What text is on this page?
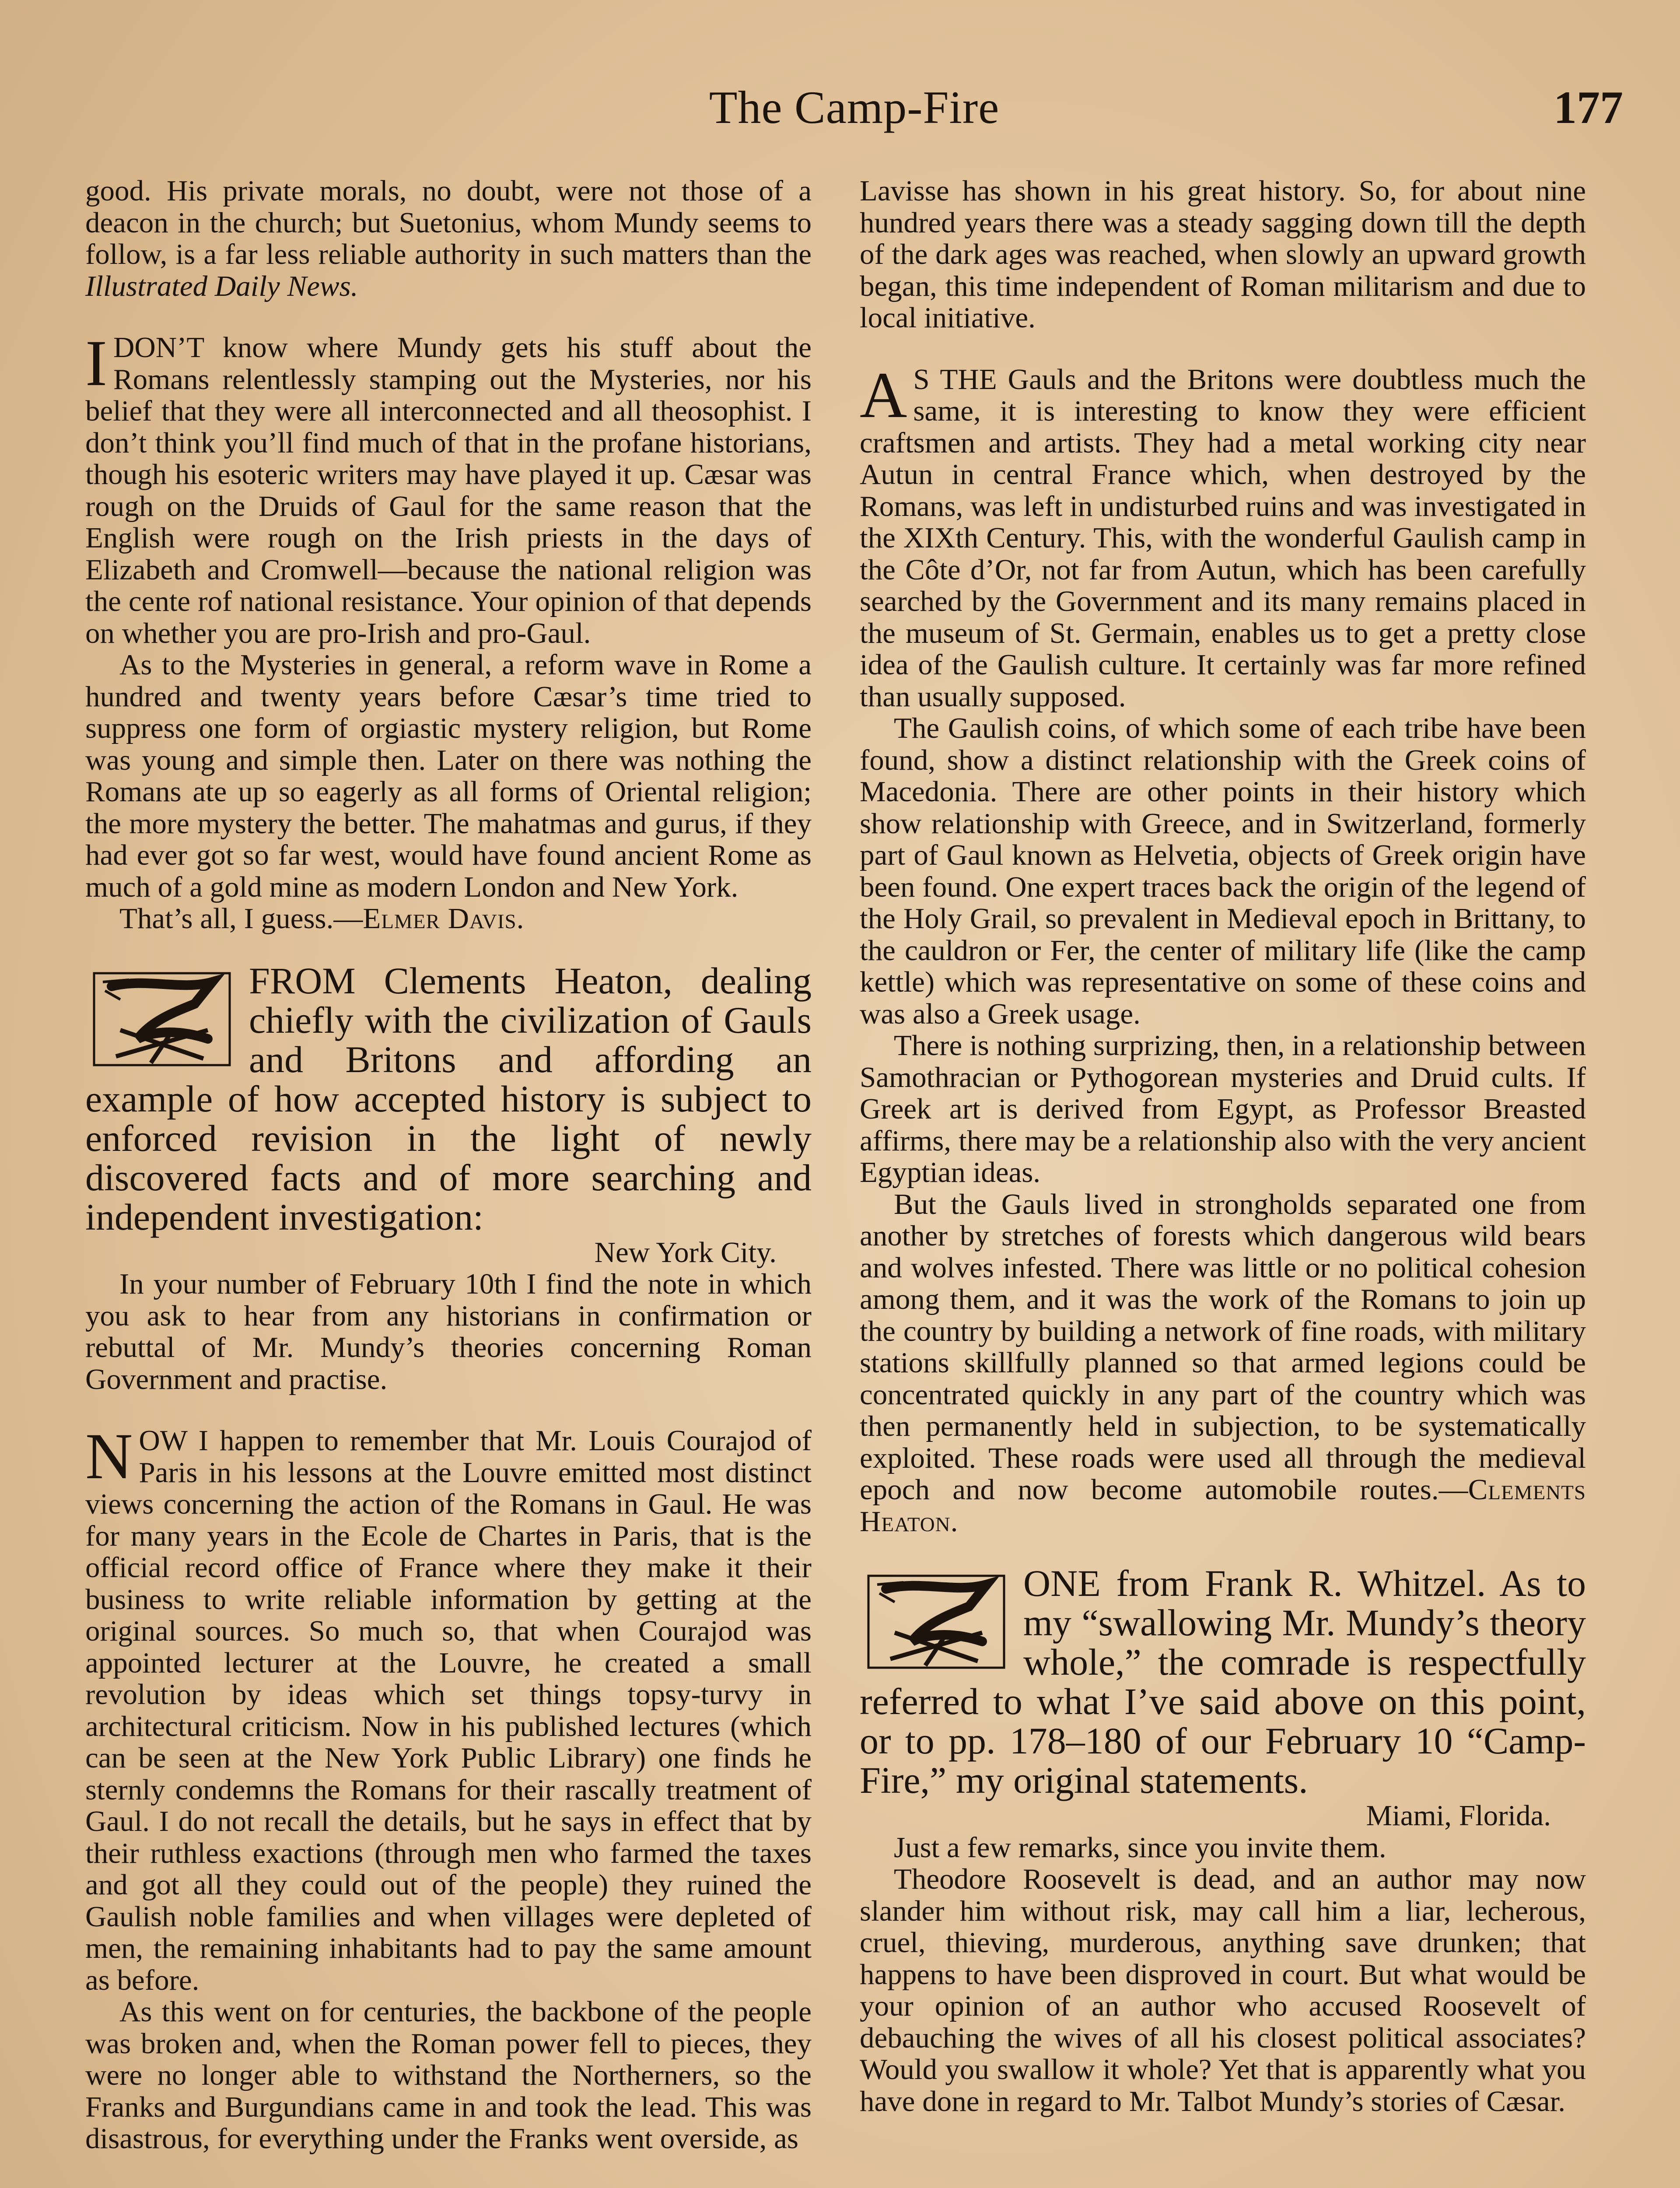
The Camp-Fire	177

good. His private morals, no doubt, were not those of a deacon in the church; but Suetonius, whom Mundy seems to follow, is a far less reliable authority in such matters than the Illustrated Daily News.

IDON’T know where Mundy gets his stuff about the Romans relentlessly stamping out the Mysteries, nor his belief that they were all interconnected and all theosophist. I don’t think you’ll find much of that in the profane historians, though his esoteric writers may have played it up. Cæsar was rough on the Druids of Gaul for the same reason that the English were rough on the Irish priests in the days of Elizabeth and Cromwell—because the national religion was the cente rof national resistance. Your opinion of that depends on whether you are pro-Irish and pro-Gaul.

As to the Mysteries in general, a reform wave in Rome a hundred and twenty years before Cæsar’s time tried to suppress one form of orgiastic mystery religion, but Rome was young and simple then. Later on there was nothing the Romans ate up so eagerly as all forms of Oriental religion; the more mystery the better. The mahatmas and gurus, if they had ever got so far west, would have found ancient Rome as much of a gold mine as modern London and New York.

That’s all, I guess.—Elmer Davis.

FROM Clements Heaton, dealing chiefly with the civilization of Gauls and Britons and affording an example of how accepted history is subject to enforced revision in the light of newly discovered facts and of more searching and independent investigation:

New York City.

In your number of February 10th I find the note in which you ask to hear from any historians in confirmation or rebuttal of Mr. Mundy’s theories concerning Roman Government and practise.

NOW I happen to remember that Mr. Louis Courajod of Paris in his lessons at the Louvre emitted most distinct views concerning the action of the Romans in Gaul. He was for many years in the Ecole de Chartes in Paris, that is the official record office of France where they make it their business to write reliable information by getting at the original sources. So much so, that when Courajod was appointed lecturer at the Louvre, he created a small revolution by ideas which set things topsy-turvy in architectural criticism. Now in his published lectures (which can be seen at the New York Public Library) one finds he sternly condemns the Romans for their rascally treatment of Gaul. I do not recall the details, but he says in effect that by their ruthless exactions (through men who farmed the taxes and got all they could out of the people) they ruined the Gaulish noble families and when villages were depleted of men, the remaining inhabitants had to pay the same amount as before.

As this went on for centuries, the backbone of the people was broken and, when the Roman power fell to pieces, they were no longer able to withstand the Northerners, so the Franks and Burgundians came in and took the lead. This was disastrous, for everything under the Franks went overside, as

Lavisse has shown in his great history. So, for about nine hundred years there was a steady sagging down till the depth of the dark ages was reached, when slowly an upward growth began, this time independent of Roman militarism and due to local initiative.

A S THE Gauls and the Britons were doubtless much the same, it is interesting to know they were efficient craftsmen and artists. They had a metal working city near Autun in central France which, when destroyed by the Romans, was left in undisturbed ruins and was investigated in the XIXth Century. This, with the wonderful Gaulish camp in the Côte d’Or, not far from Autun, which has been carefully searched by the Government and its many remains placed in the museum of St. Germain, enables us to get a pretty close idea of the Gaulish culture. It certainly was far more refined than usually supposed.

The Gaulish coins, of which some of each tribe have been found, show a distinct relationship with the Greek coins of Macedonia. There are other points in their history which show relationship with Greece, and in Switzerland, formerly part of Gaul known as Helvetia, objects of Greek origin have been found. One expert traces back the origin of the legend of the Holy Grail, so prevalent in Medieval epoch in Brittany, to the cauldron or Fer, the center of military life (like the camp kettle) which was representative on some of these coins and was also a Greek usage.

There is nothing surprizing, then, in a relationship between Samothracian or Pythogorean mysteries and Druid cults. If Greek art is derived from Egypt, as Professor Breasted affirms, there may be a relationship also with the very ancient Egyptian ideas.

But the Gauls lived in strongholds separated one from another by stretches of forests which dangerous wild bears and wolves infested. There was little or no political cohesion among them, and it was the work of the Romans to join up the country by building a network of fine roads, with military stations skillfully planned so that armed legions could be concentrated quickly in any part of the country which was then permanently held in subjection, to be systematically exploited. These roads were used all through the medieval epoch and now become automobile routes.—Clements Heaton.

ONE from Frank R. Whitzel. As to my “swallowing Mr. Mundy’s theory whole,” the comrade is respectfully referred to what I’ve said above on this point, or to pp. 178–180 of our February 10 “Camp-Fire,” my original statements.

Miami, Florida.

Just a few remarks, since you invite them.

Theodore Roosevelt is dead, and an author may now slander him without risk, may call him a liar, lecherous, cruel, thieving, murderous, anything save drunken; that happens to have been disproved in court. But what would be your opinion of an author who accused Roosevelt of debauching the wives of all his closest political associates? Would you swallow it whole? Yet that is apparently what you have done in regard to Mr. Talbot Mundy’s stories of Cæsar.
